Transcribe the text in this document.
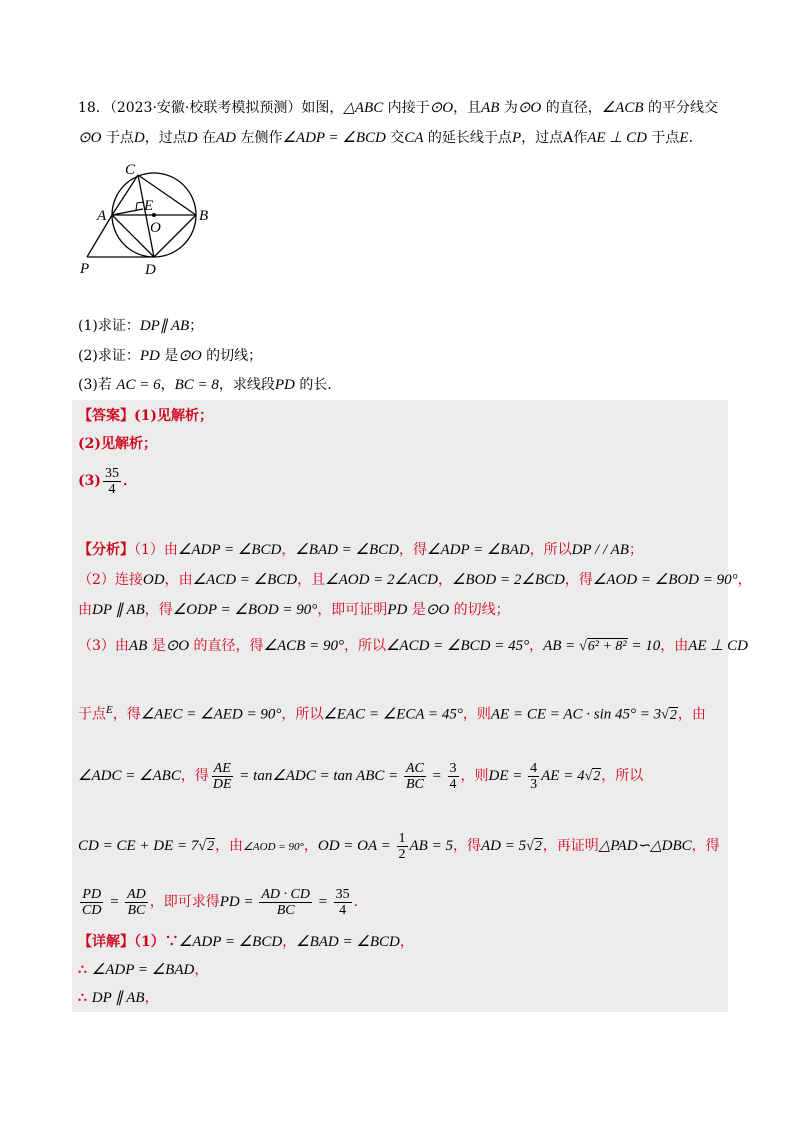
18．（2023·安徽·校联考模拟预测）如图，△ABC 内接于⊙O，且AB 为⊙O 的直径，∠ACB 的平分线交
⊙O 于点D，过点D 在AD 左侧作∠ADP = ∠BCD 交CA 的延长线于点P，过点A作AE ⊥ CD 于点E．
C
A
E
O
B
P	D
(1)求证：DP∥ AB；
(2)求证：PD 是⊙O 的切线；
(3)若 AC = 6，BC = 8，求线段PD 的长．
【答案】(1)见解析；
(2)见解析；
$(3) \frac{35}{4}$ ．
【分析】（1）由∠ADP = ∠BCD，∠BAD = ∠BCD，得∠ADP = ∠BAD，所以DP / / AB；
（2）连接OD，由∠ACD = ∠BCD，且∠AOD = 2∠ACD，∠BOD = 2∠BCD，得∠AOD = ∠BOD = 90°，
由DP ∥ AB，得∠ODP = ∠BOD = 90°，即可证明PD 是⊙O 的切线；
（3）由AB 是⊙O 的直径，得∠ACB = 90°，所以∠ACD = ∠BCD = 45°，AB = √6² + 8² = 10，由AE ⊥ CD
于点$^E$，得∠AEC = ∠AED = 90°，所以∠EAC = ∠ECA = 45°，则AE = CE = AC · sin 45° = 3√2，由
∠ADC = ∠ABC，得 $\frac{AE}{DE}$ = tan∠ADC = tan ABC = $\frac{AC}{BC} = \frac{3}{4}$ ，则DE = $\frac{4}{3}$ AE = 4√2，所以
CD = CE + DE = 7√2，由∠AOD = 90°，OD = OA = $\frac{1}{2}$ AB = 5，得AD = 5√2，再证明△PAD∽△DBC，得
$\frac{PD}{CD} = \frac{AD}{BC}$ ，即可求得PD = $\frac{AD \cdot CD}{BC} = \frac{35}{4}$ ．
【详解】（1）∵∠ADP = ∠BCD，∠BAD = ∠BCD，
∴ ∠ADP = ∠BAD，
∴ DP ∥ AB，
